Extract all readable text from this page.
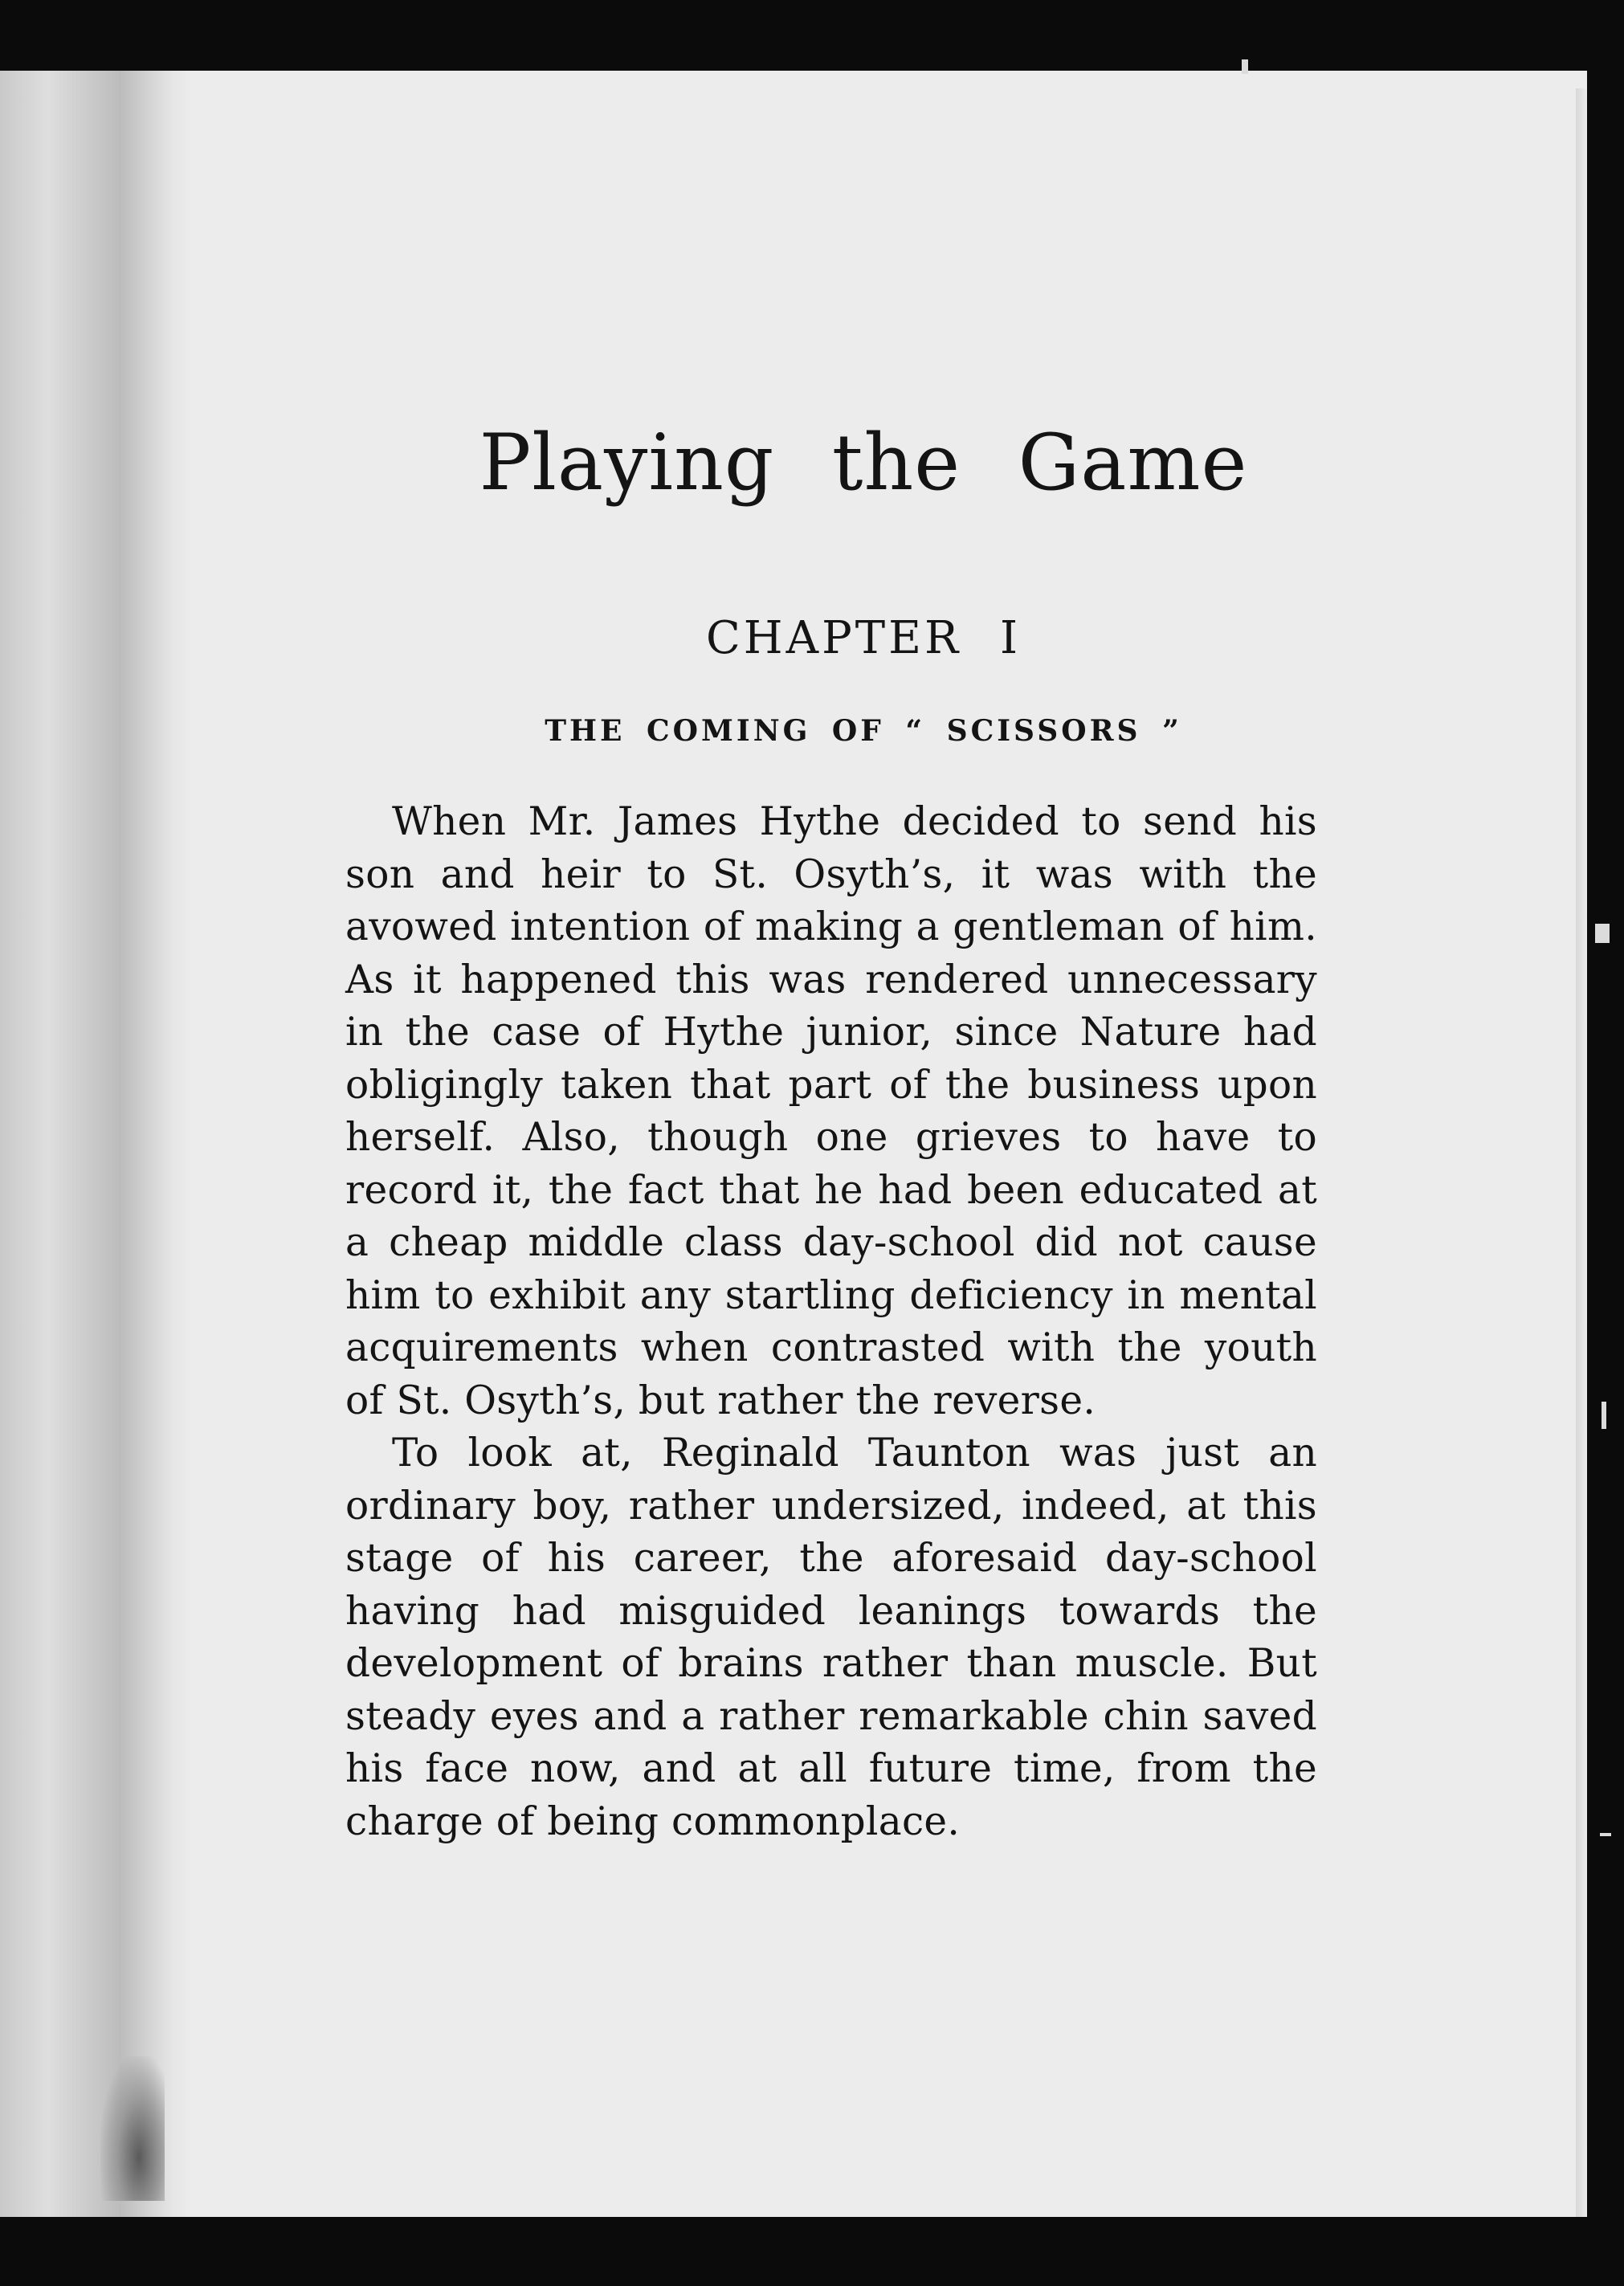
Playing the Game
CHAPTER I
THE COMING OF “ SCISSORS ”

When Mr. James Hythe decided to send his son and heir to St. Osyth’s, it was with the avowed intention of making a gentleman of him. As it happened this was rendered unnecessary in the case of Hythe junior, since Nature had obligingly taken that part of the business upon herself. Also, though one grieves to have to record it, the fact that he had been educated at a cheap middle class day-school did not cause him to exhibit any startling deficiency in mental acquirements when contrasted with the youth of St. Osyth’s, but rather the reverse.

To look at, Reginald Taunton was just an ordinary boy, rather undersized, indeed, at this stage of his career, the aforesaid day-school having had misguided leanings towards the development of brains rather than muscle. But steady eyes and a rather remarkable chin saved his face now, and at all future time, from the charge of being commonplace.
